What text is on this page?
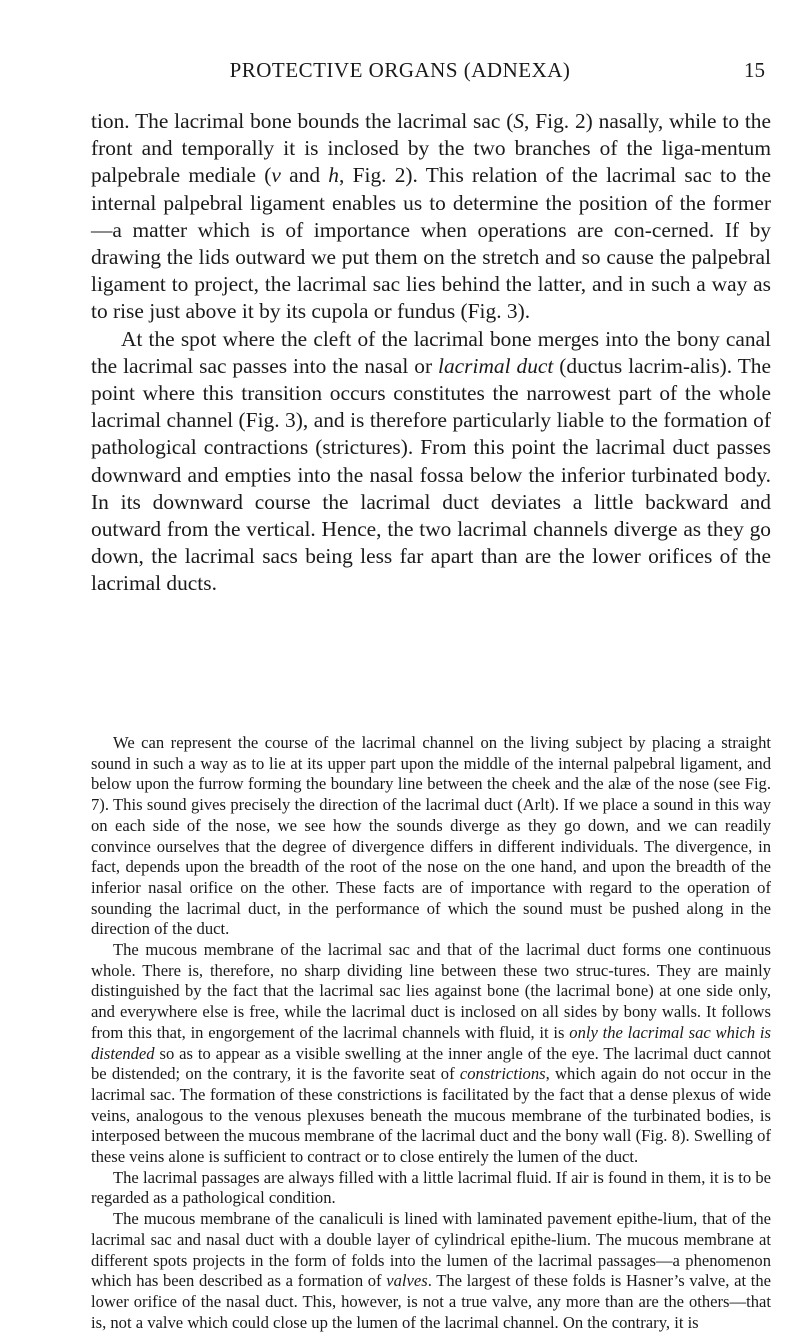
PROTECTIVE ORGANS (ADNEXA)	15

tion. The lacrimal bone bounds the lacrimal sac (S, Fig. 2) nasally, while to the front and temporally it is inclosed by the two branches of the liga-mentum palpebrale mediale (v and h, Fig. 2). This relation of the lacrimal sac to the internal palpebral ligament enables us to determine the position of the former—a matter which is of importance when operations are con-cerned. If by drawing the lids outward we put them on the stretch and so cause the palpebral ligament to project, the lacrimal sac lies behind the latter, and in such a way as to rise just above it by its cupola or fundus (Fig. 3).

At the spot where the cleft of the lacrimal bone merges into the bony canal the lacrimal sac passes into the nasal or lacrimal duct (ductus lacrim-alis). The point where this transition occurs constitutes the narrowest part of the whole lacrimal channel (Fig. 3), and is therefore particularly liable to the formation of pathological contractions (strictures). From this point the lacrimal duct passes downward and empties into the nasal fossa below the inferior turbinated body. In its downward course the lacrimal duct deviates a little backward and outward from the vertical. Hence, the two lacrimal channels diverge as they go down, the lacrimal sacs being less far apart than are the lower orifices of the lacrimal ducts.

We can represent the course of the lacrimal channel on the living subject by placing a straight sound in such a way as to lie at its upper part upon the middle of the internal palpebral ligament, and below upon the furrow forming the boundary line between the cheek and the alæ of the nose (see Fig. 7). This sound gives precisely the direction of the lacrimal duct (Arlt). If we place a sound in this way on each side of the nose, we see how the sounds diverge as they go down, and we can readily convince ourselves that the degree of divergence differs in different individuals. The divergence, in fact, depends upon the breadth of the root of the nose on the one hand, and upon the breadth of the inferior nasal orifice on the other. These facts are of importance with regard to the operation of sounding the lacrimal duct, in the performance of which the sound must be pushed along in the direction of the duct.

The mucous membrane of the lacrimal sac and that of the lacrimal duct forms one continuous whole. There is, therefore, no sharp dividing line between these two struc-tures. They are mainly distinguished by the fact that the lacrimal sac lies against bone (the lacrimal bone) at one side only, and everywhere else is free, while the lacrimal duct is inclosed on all sides by bony walls. It follows from this that, in engorgement of the lacrimal channels with fluid, it is only the lacrimal sac which is distended so as to appear as a visible swelling at the inner angle of the eye. The lacrimal duct cannot be distended; on the contrary, it is the favorite seat of constrictions, which again do not occur in the lacrimal sac. The formation of these constrictions is facilitated by the fact that a dense plexus of wide veins, analogous to the venous plexuses beneath the mucous membrane of the turbinated bodies, is interposed between the mucous membrane of the lacrimal duct and the bony wall (Fig. 8). Swelling of these veins alone is sufficient to contract or to close entirely the lumen of the duct.

The lacrimal passages are always filled with a little lacrimal fluid. If air is found in them, it is to be regarded as a pathological condition.

The mucous membrane of the canaliculi is lined with laminated pavement epithe-lium, that of the lacrimal sac and nasal duct with a double layer of cylindrical epithe-lium. The mucous membrane at different spots projects in the form of folds into the lumen of the lacrimal passages—a phenomenon which has been described as a formation of valves. The largest of these folds is Hasner’s valve, at the lower orifice of the nasal duct. This, however, is not a true valve, any more than are the others—that is, not a valve which could close up the lumen of the lacrimal channel. On the contrary, it is
